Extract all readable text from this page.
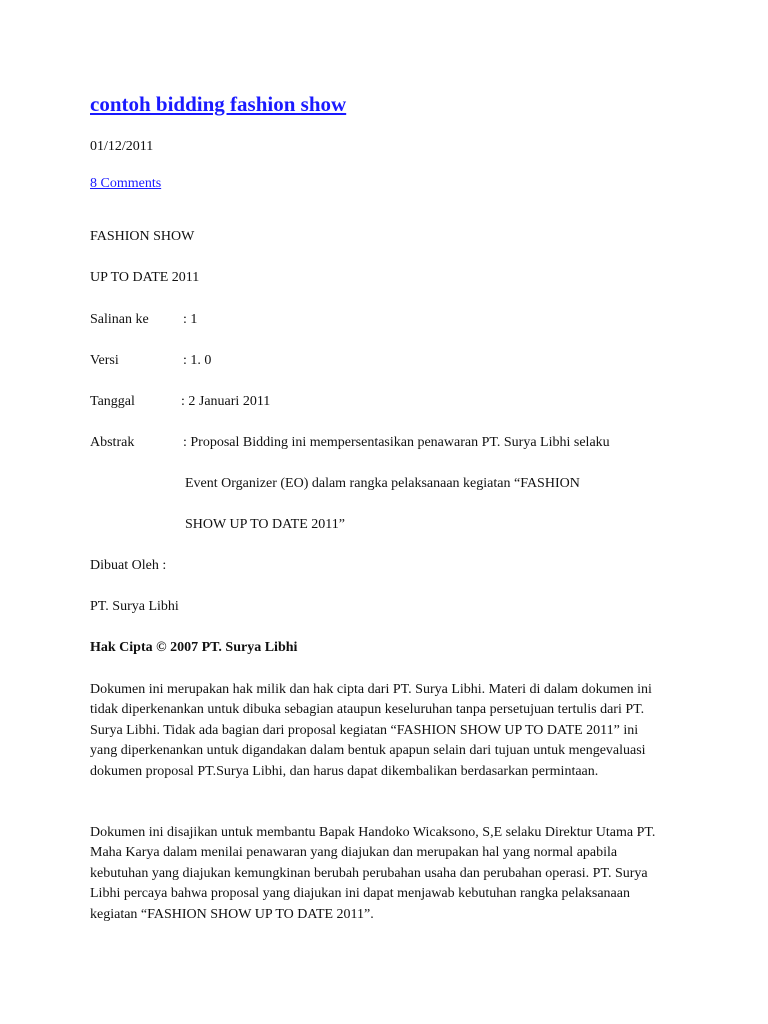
contoh bidding fashion show
01/12/2011
8 Comments
FASHION SHOW
UP TO DATE 2011
Salinan ke : 1
Versi	: 1. 0
Tanggal	: 2 Januari 2011
Abstrak	: Proposal Bidding ini mempersentasikan penawaran PT. Surya Libhi selaku
Event Organizer (EO) dalam rangka pelaksanaan kegiatan “FASHION
SHOW UP TO DATE 2011”
Dibuat Oleh :
PT. Surya Libhi
Hak Cipta © 2007 PT. Surya Libhi
Dokumen ini merupakan hak milik dan hak cipta dari PT. Surya Libhi. Materi di dalam dokumen ini tidak diperkenankan untuk dibuka sebagian ataupun keseluruhan tanpa persetujuan tertulis dari PT. Surya Libhi. Tidak ada bagian dari proposal kegiatan “FASHION SHOW UP TO DATE 2011” ini yang diperkenankan untuk digandakan dalam bentuk apapun selain dari tujuan untuk mengevaluasi dokumen proposal PT.Surya Libhi, dan harus dapat dikembalikan berdasarkan permintaan.
Dokumen ini disajikan untuk membantu Bapak Handoko Wicaksono, S,E selaku Direktur Utama PT. Maha Karya dalam menilai penawaran yang diajukan dan merupakan hal yang normal apabila kebutuhan yang diajukan kemungkinan berubah perubahan usaha dan perubahan operasi. PT. Surya Libhi percaya bahwa proposal yang diajukan ini dapat menjawab kebutuhan rangka pelaksanaan kegiatan “FASHION SHOW UP TO DATE 2011”.
